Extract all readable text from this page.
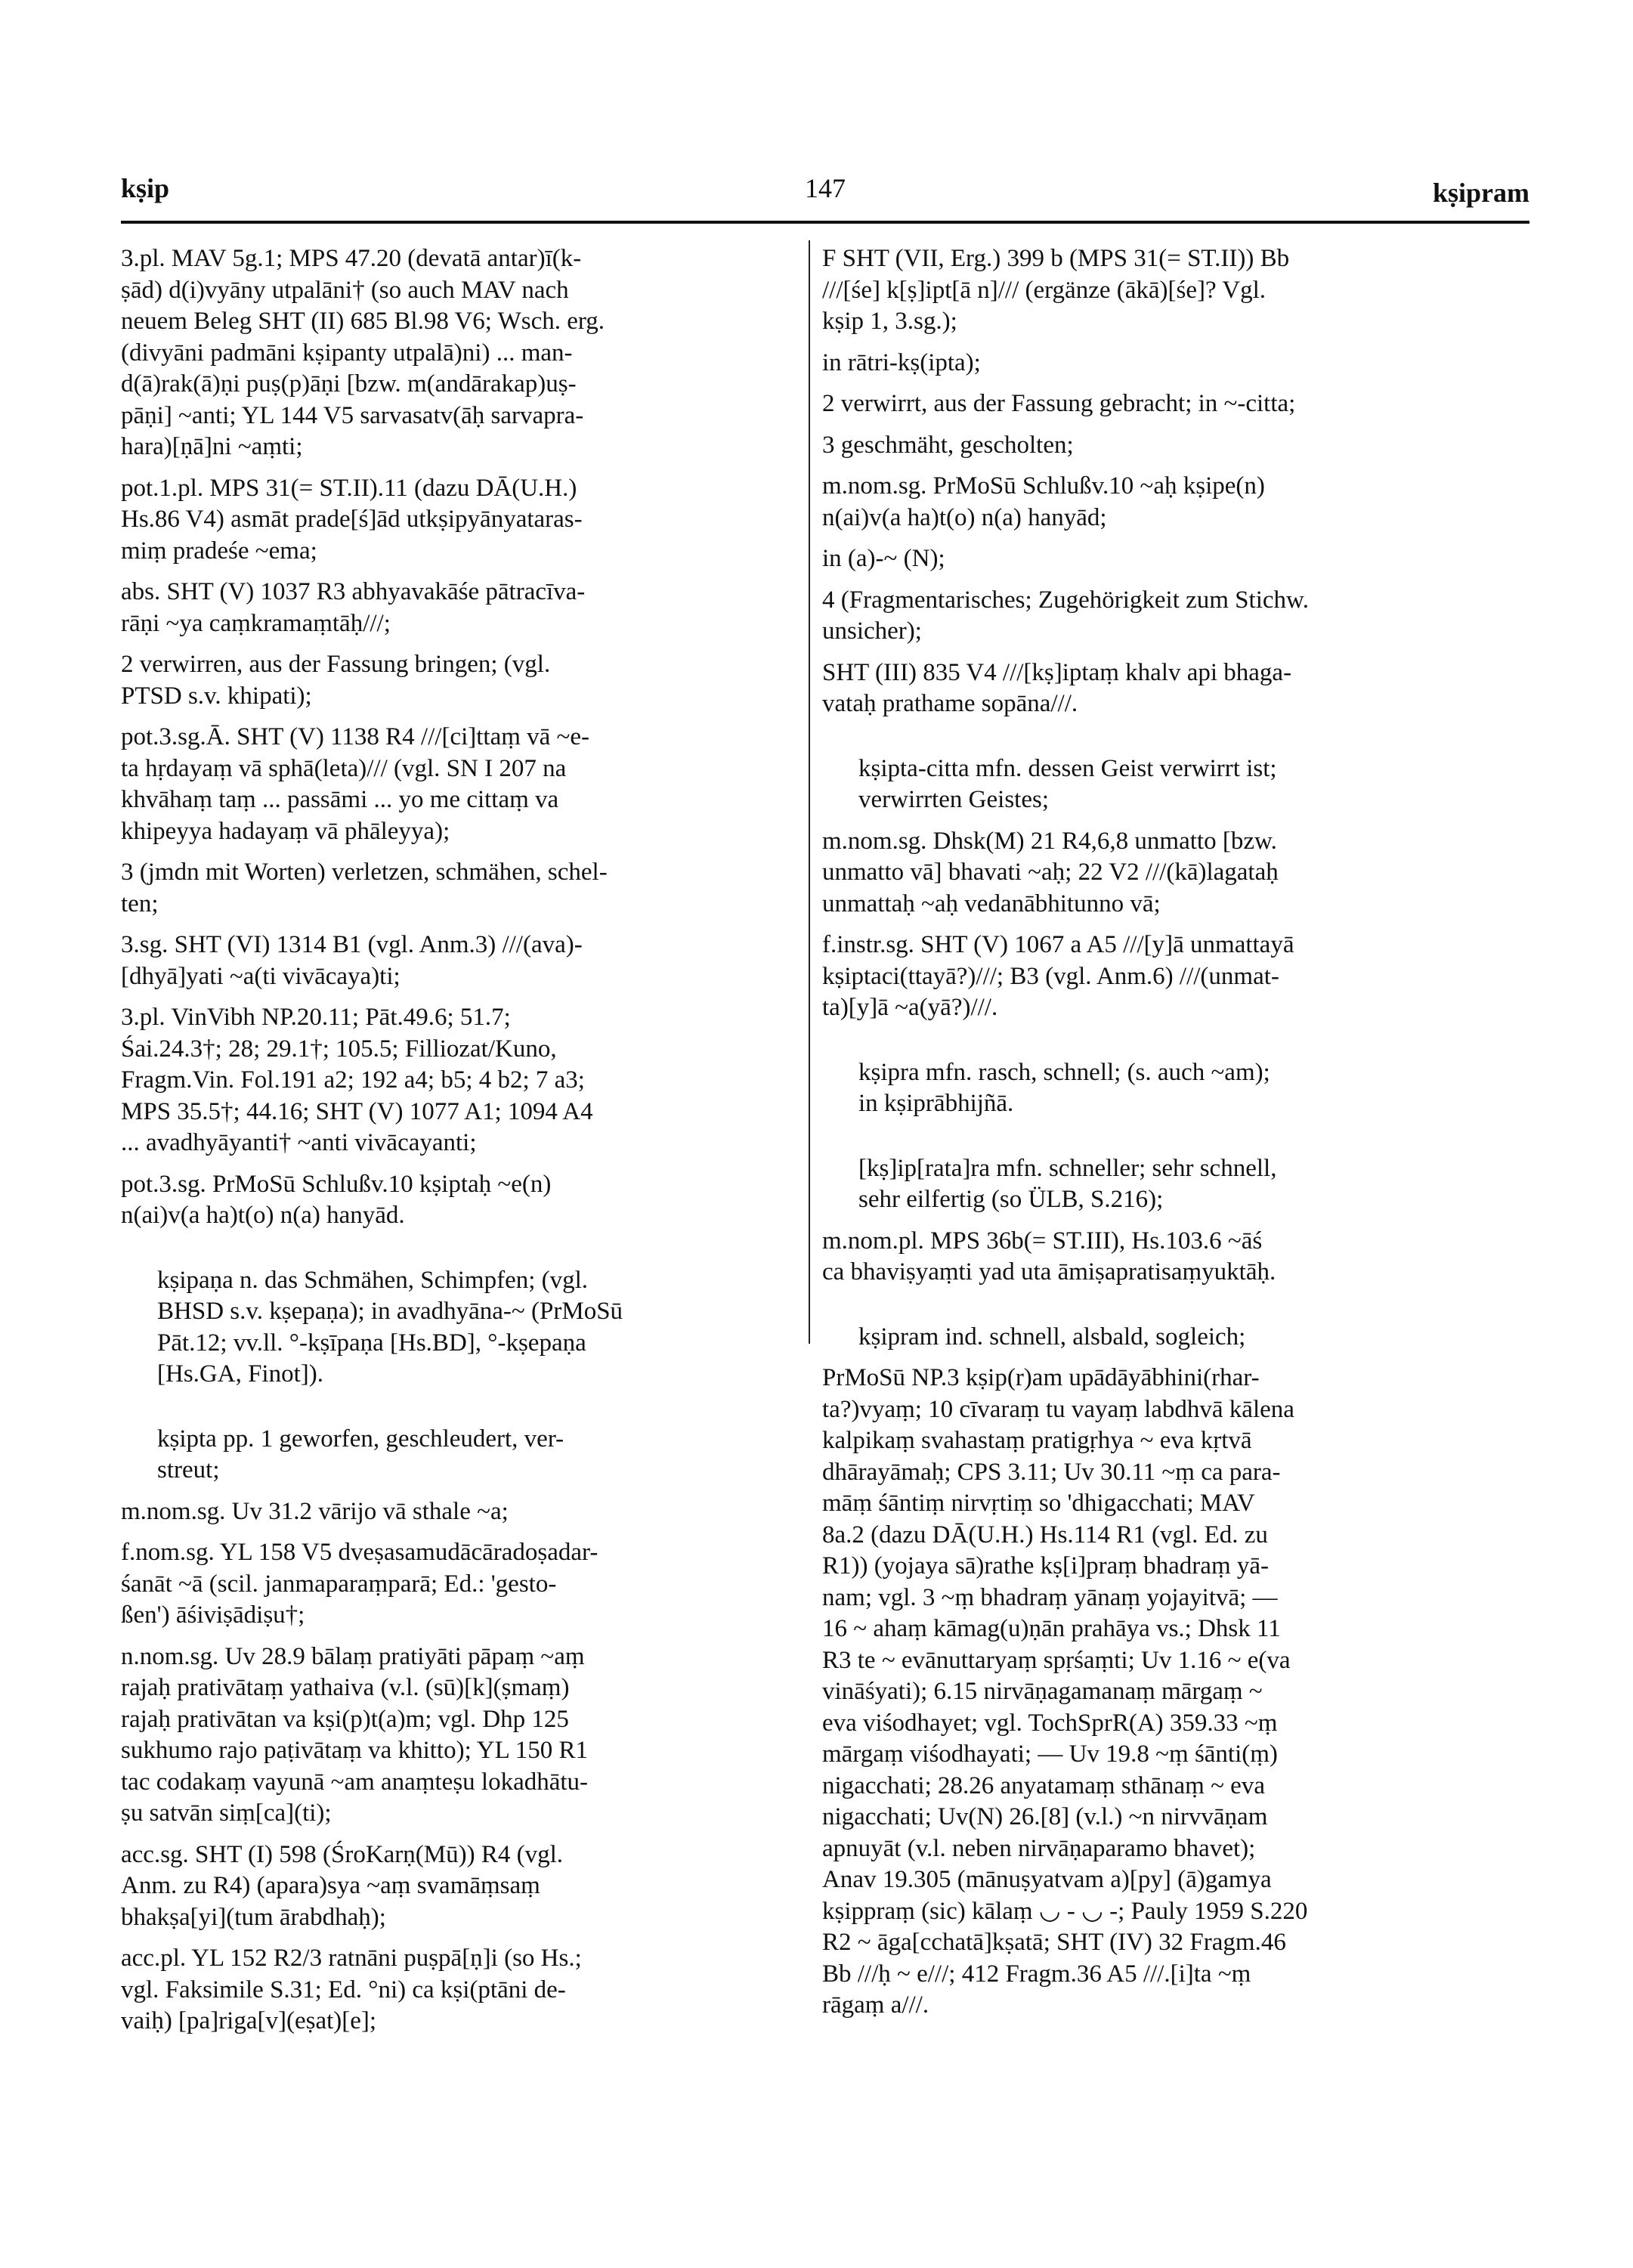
kṣip	147	kṣipram

3.pl. MAV 5g.1; MPS 47.20 (devatā antar)ī(k-
ṣād) d(i)vyāny utpalāni† (so auch MAV nach
neuem Beleg SHT (II) 685 Bl.98 V6; Wsch. erg.
(divyāni padmāni kṣipanty utpalā)ni) ... man-
d(ā)rak(ā)ṇi puṣ(p)āṇi [bzw. m(andārakap)uṣ-
pāṇi] ~anti; YL 144 V5 sarvasatv(āḥ sarvapra-
hara)[ṇā]ni ~aṃti;

pot.1.pl. MPS 31(= ST.II).11 (dazu DĀ(U.H.)
Hs.86 V4) asmāt prade[ś]ād utkṣipyānyataras-
miṃ pradeśe ~ema;

abs. SHT (V) 1037 R3 abhyavakāśe pātracīva-
rāṇi ~ya caṃkramaṃtāḥ///;

2 verwirren, aus der Fassung bringen; (vgl.
PTSD s.v. khipati);

pot.3.sg.Ā. SHT (V) 1138 R4 ///[ci]ttaṃ vā ~e-
ta hṛdayaṃ vā sphā(leta)/// (vgl. SN I 207 na
khvāhaṃ taṃ ... passāmi ... yo me cittaṃ va
khipeyya hadayaṃ vā phāleyya);

3 (jmdn mit Worten) verletzen, schmähen, schel-
ten;

3.sg. SHT (VI) 1314 B1 (vgl. Anm.3) ///(ava)-
[dhyā]yati ~a(ti vivācaya)ti;

3.pl. VinVibh NP.20.11; Pāt.49.6; 51.7;
Śai.24.3†; 28; 29.1†; 105.5; Filliozat/Kuno,
Fragm.Vin. Fol.191 a2; 192 a4; b5; 4 b2; 7 a3;
MPS 35.5†; 44.16; SHT (V) 1077 A1; 1094 A4
... avadhyāyanti† ~anti vivācayanti;

pot.3.sg. PrMoSū Schlußv.10 kṣiptaḥ ~e(n)
n(ai)v(a ha)t(o) n(a) hanyād.

kṣipaṇa n. das Schmähen, Schimpfen; (vgl.
BHSD s.v. kṣepaṇa); in avadhyāna-~ (PrMoSū
Pāt.12; vv.ll. °-kṣīpaṇa [Hs.BD], °-kṣepaṇa
[Hs.GA, Finot]).

kṣipta pp. 1 geworfen, geschleudert, ver-
streut;

m.nom.sg. Uv 31.2 vārijo vā sthale ~a;

f.nom.sg. YL 158 V5 dveṣasamudācāradoṣadar-
śanāt ~ā (scil. janmaparaṃparā; Ed.: 'gesto-
ßen') āśiviṣādiṣu†;

n.nom.sg. Uv 28.9 bālaṃ pratiyāti pāpaṃ ~aṃ
rajaḥ prativātaṃ yathaiva (v.l. (sū)[k](ṣmaṃ)
rajaḥ prativātan va kṣi(p)t(a)m; vgl. Dhp 125
sukhumo rajo paṭivātaṃ va khitto); YL 150 R1
tac codakaṃ vayunā ~am anaṃteṣu lokadhātu-
ṣu satvān siṃ[ca](ti);

acc.sg. SHT (I) 598 (ŚroKarṇ(Mū)) R4 (vgl.
Anm. zu R4) (apara)sya ~aṃ svamāṃsaṃ
bhakṣa[yi](tum ārabdhaḥ);

acc.pl. YL 152 R2/3 ratnāni puṣpā[ṇ]i (so Hs.;
vgl. Faksimile S.31; Ed. °ni) ca kṣi(ptāni de-
vaiḥ) [pa]riga[v](eṣat)[e];

F SHT (VII, Erg.) 399 b (MPS 31(= ST.II)) Bb
///[śe] k[ṣ]ipt[ā n]/// (ergänze (ākā)[śe]? Vgl.
kṣip 1, 3.sg.);

in rātri-kṣ(ipta);

2 verwirrt, aus der Fassung gebracht; in ~-citta;

3 geschmäht, gescholten;

m.nom.sg. PrMoSū Schlußv.10 ~aḥ kṣipe(n)
n(ai)v(a ha)t(o) n(a) hanyād;

in (a)-~ (N);

4 (Fragmentarisches; Zugehörigkeit zum Stichw.
unsicher);

SHT (III) 835 V4 ///[kṣ]iptaṃ khalv api bhaga-
vataḥ prathame sopāna///.

kṣipta-citta mfn. dessen Geist verwirrt ist;
verwirrten Geistes;

m.nom.sg. Dhsk(M) 21 R4,6,8 unmatto [bzw.
unmatto vā] bhavati ~aḥ; 22 V2 ///(kā)lagataḥ
unmattaḥ ~aḥ vedanābhitunno vā;

f.instr.sg. SHT (V) 1067 a A5 ///[y]ā unmattayā
kṣiptaci(ttayā?)///; B3 (vgl. Anm.6) ///(unmat-
ta)[y]ā ~a(yā?)///.

kṣipra mfn. rasch, schnell; (s. auch ~am);
in kṣiprābhijñā.

[kṣ]ip[rata]ra mfn. schneller; sehr schnell,
sehr eilfertig (so ÜLB, S.216);

m.nom.pl. MPS 36b(= ST.III), Hs.103.6 ~āś
ca bhaviṣyaṃti yad uta āmiṣapratisaṃyuktāḥ.

kṣipram ind. schnell, alsbald, sogleich;

PrMoSū NP.3 kṣip(r)am upādāyābhini(rhar-
ta?)vyaṃ; 10 cīvaraṃ tu vayaṃ labdhvā kālena
kalpikaṃ svahastaṃ pratigṛhya ~ eva kṛtvā
dhārayāmaḥ; CPS 3.11; Uv 30.11 ~ṃ ca para-
māṃ śāntiṃ nirvṛtiṃ so 'dhigacchati; MAV
8a.2 (dazu DĀ(U.H.) Hs.114 R1 (vgl. Ed. zu
R1)) (yojaya sā)rathe kṣ[i]praṃ bhadraṃ yā-
nam; vgl. 3 ~ṃ bhadraṃ yānaṃ yojayitvā; —
16 ~ ahaṃ kāmag(u)ṇān prahāya vs.; Dhsk 11
R3 te ~ evānuttaryaṃ spṛśaṃti; Uv 1.16 ~ e(va
vināśyati); 6.15 nirvāṇagamanaṃ mārgaṃ ~
eva viśodhayet; vgl. TochSprR(A) 359.33 ~ṃ
mārgaṃ viśodhayati; — Uv 19.8 ~ṃ śānti(ṃ)
nigacchati; 28.26 anyatamaṃ sthānaṃ ~ eva
nigacchati; Uv(N) 26.[8] (v.l.) ~n nirvvāṇam
apnuyāt (v.l. neben nirvāṇaparamo bhavet);
Anav 19.305 (mānuṣyatvam a)[py] (ā)gamya
kṣippraṃ (sic) kālaṃ ◡ - ◡ -; Pauly 1959 S.220
R2 ~ āga[cchatā]kṣatā; SHT (IV) 32 Fragm.46
Bb ///ḥ ~ e///; 412 Fragm.36 A5 ///.[i]ta ~ṃ
rāgaṃ a///.
